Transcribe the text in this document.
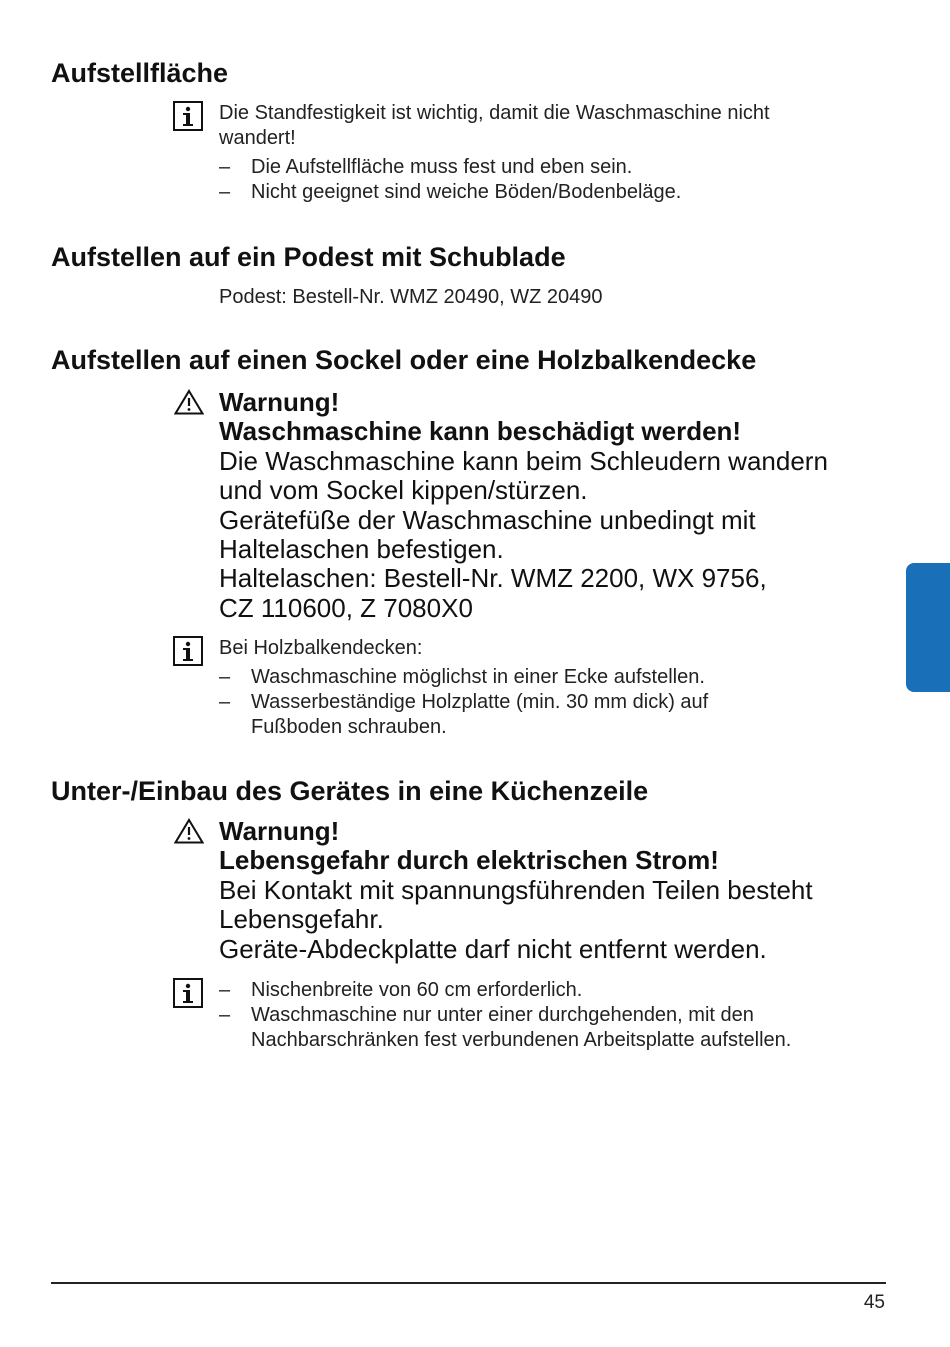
Aufstellfläche
Die Standfestigkeit ist wichtig, damit die Waschmaschine nicht
wandert!
– Die Aufstellfläche muss fest und eben sein.
– Nicht geeignet sind weiche Böden/Bodenbeläge.
Aufstellen auf ein Podest mit Schublade
Podest: Bestell-Nr. WMZ 20490, WZ 20490
Aufstellen auf einen Sockel oder eine Holzbalkendecke
Warnung!
Waschmaschine kann beschädigt werden!
Die Waschmaschine kann beim Schleudern wandern
und vom Sockel kippen/stürzen.
Gerätefüße der Waschmaschine unbedingt mit
Haltelaschen befestigen.
Haltelaschen: Bestell-Nr. WMZ 2200, WX 9756,
CZ 110600, Z 7080X0
Bei Holzbalkendecken:
– Waschmaschine möglichst in einer Ecke aufstellen.
– Wasserbeständige Holzplatte (min. 30 mm dick) auf
Fußboden schrauben.
Unter-/Einbau des Gerätes in eine Küchenzeile
Warnung!
Lebensgefahr durch elektrischen Strom!
Bei Kontakt mit spannungsführenden Teilen besteht
Lebensgefahr.
Geräte-Abdeckplatte darf nicht entfernt werden.
– Nischenbreite von 60 cm erforderlich.
– Waschmaschine nur unter einer durchgehenden, mit den
Nachbarschränken fest verbundenen Arbeitsplatte aufstellen.
45
